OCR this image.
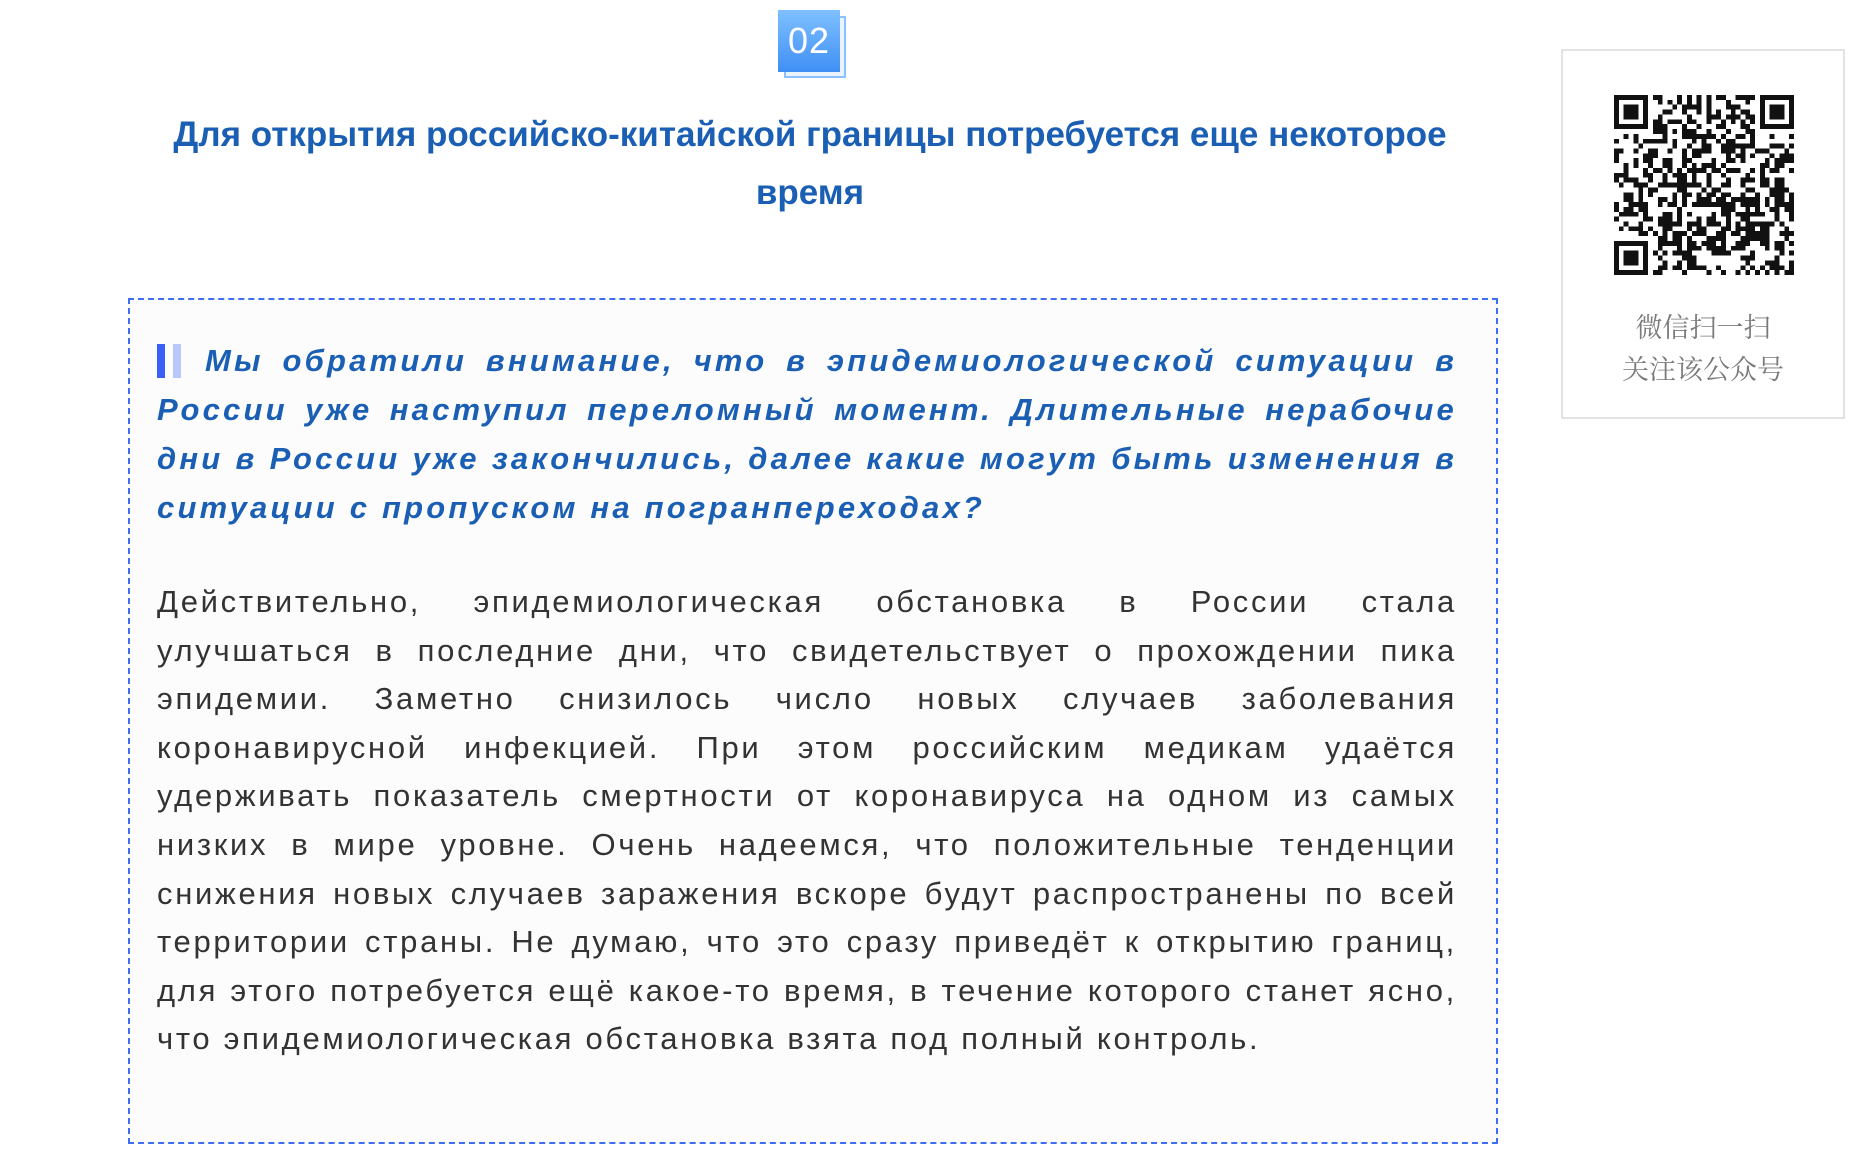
02
Для открытия российско-китайской границы потребуется еще некоторое время
Мы обратили внимание, что в эпидемиологической ситуации в России уже наступил переломный момент. Длительные нерабочие дни в России уже закончились, далее какие могут быть изменения в ситуации с пропуском на погранпереходах?
Действительно, эпидемиологическая обстановка в России стала улучшаться в последние дни, что свидетельствует о прохождении пика эпидемии. Заметно снизилось число новых случаев заболевания коронавирусной инфекцией. При этом российским медикам удаётся удерживать показатель смертности от коронавируса на одном из самых низких в мире уровне. Очень надеемся, что положительные тенденции снижения новых случаев заражения вскоре будут распространены по всей территории страны. Не думаю, что это сразу приведёт к открытию границ, для этого потребуется ещё какое-то время, в течение которого станет ясно, что эпидемиологическая обстановка взята под полный контроль.
微信扫一扫
关注该公众号
